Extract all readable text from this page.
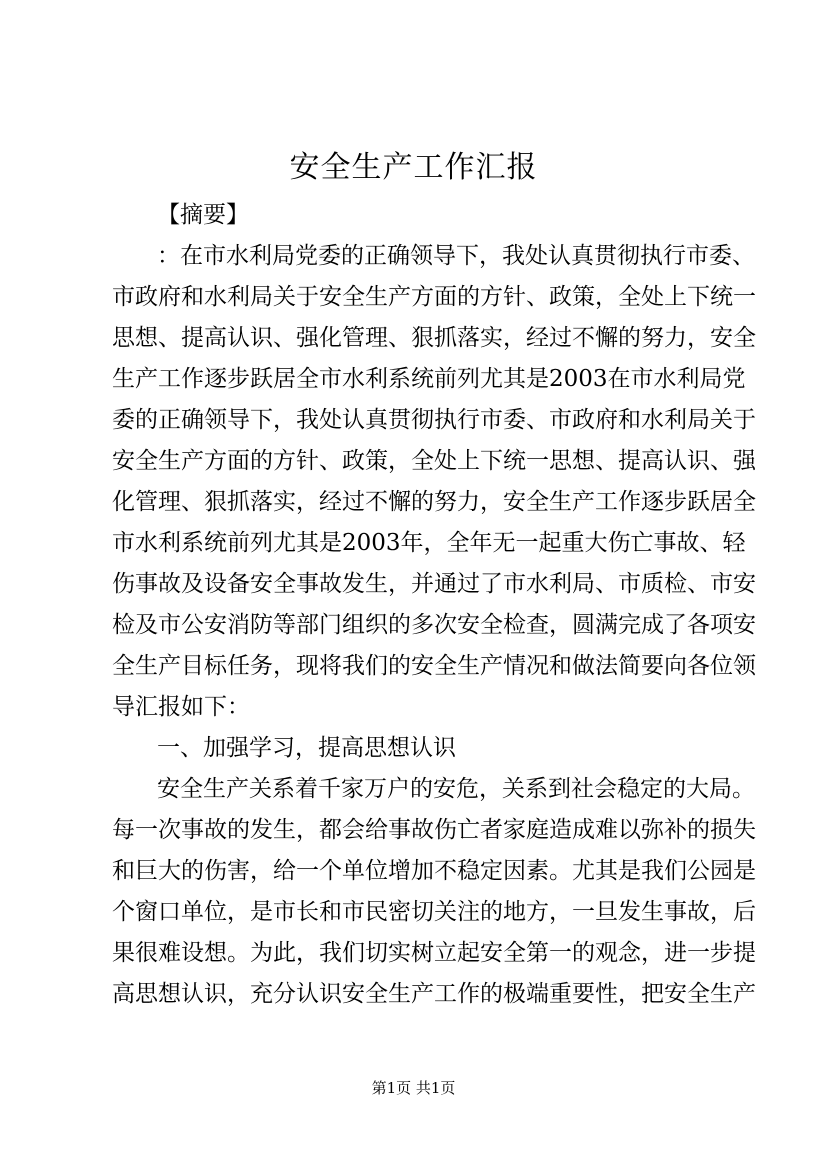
安全生产工作汇报
【摘要】
：在市水利局党委的正确领导下，我处认真贯彻执行市委、
市政府和水利局关于安全生产方面的方针、政策，全处上下统一
思想、提高认识、强化管理、狠抓落实，经过不懈的努力，安全
生产工作逐步跃居全市水利系统前列尤其是2003在市水利局党
委的正确领导下，我处认真贯彻执行市委、市政府和水利局关于
安全生产方面的方针、政策，全处上下统一思想、提高认识、强
化管理、狠抓落实，经过不懈的努力，安全生产工作逐步跃居全
市水利系统前列尤其是2003年，全年无一起重大伤亡事故、轻
伤事故及设备安全事故发生，并通过了市水利局、市质检、市安
检及市公安消防等部门组织的多次安全检查，圆满完成了各项安
全生产目标任务，现将我们的安全生产情况和做法简要向各位领
导汇报如下：
一、加强学习，提高思想认识
安全生产关系着千家万户的安危，关系到社会稳定的大局。
每一次事故的发生，都会给事故伤亡者家庭造成难以弥补的损失
和巨大的伤害，给一个单位增加不稳定因素。尤其是我们公园是
个窗口单位，是市长和市民密切关注的地方，一旦发生事故，后
果很难设想。为此，我们切实树立起安全第一的观念，进一步提
高思想认识，充分认识安全生产工作的极端重要性，把安全生产
第1页 共1页
